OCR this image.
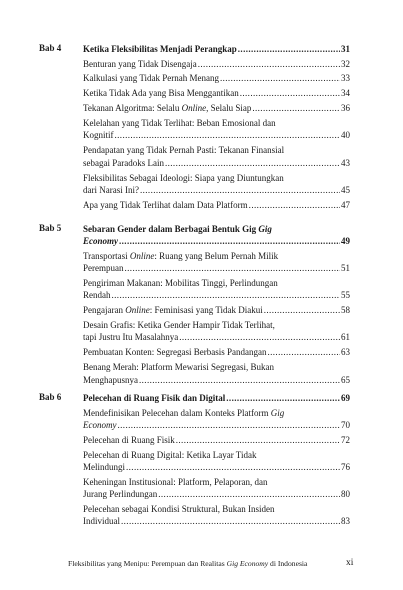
Bab 4 Ketika Fleksibilitas Menjadi Perangkap .....	31
Benturan yang Tidak Disengaja .....	32
Kalkulasi yang Tidak Pernah Menang .....	33
Ketika Tidak Ada yang Bisa Menggantikan .....	34
Tekanan Algoritma: Selalu Online, Selalu Siap .....	36
Kelelahan yang Tidak Terlihat: Beban Emosional dan
Kognitif .....	40
Pendapatan yang Tidak Pernah Pasti: Tekanan Finansial
sebagai Paradoks Lain .....	43
Fleksibilitas Sebagai Ideologi: Siapa yang Diuntungkan
dari Narasi Ini? .....	45
Apa yang Tidak Terlihat dalam Data Platform .....	47
Bab 5 Sebaran Gender dalam Berbagai Bentuk Gig Gig
Economy .....	49
Transportasi Online: Ruang yang Belum Pernah Milik
Perempuan .....	51
Pengiriman Makanan: Mobilitas Tinggi, Perlindungan
Rendah .....	55
Pengajaran Online: Feminisasi yang Tidak Diakui .....	58
Desain Grafis: Ketika Gender Hampir Tidak Terlihat,
tapi Justru Itu Masalahnya .....	61
Pembuatan Konten: Segregasi Berbasis Pandangan .....	63
Benang Merah: Platform Mewarisi Segregasi, Bukan
Menghapusnya .....	65
Bab 6 Pelecehan di Ruang Fisik dan Digital .....	69
Mendefinisikan Pelecehan dalam Konteks Platform Gig
Economy .....	70
Pelecehan di Ruang Fisik .....	72
Pelecehan di Ruang Digital: Ketika Layar Tidak
Melindungi .....	76
Keheningan Institusional: Platform, Pelaporan, dan
Jurang Perlindungan .....	80
Pelecehan sebagai Kondisi Struktural, Bukan Insiden
Individual .....	83
Fleksibilitas yang Menipu: Perempuan dan Realitas Gig Economy di Indonesia	xi
